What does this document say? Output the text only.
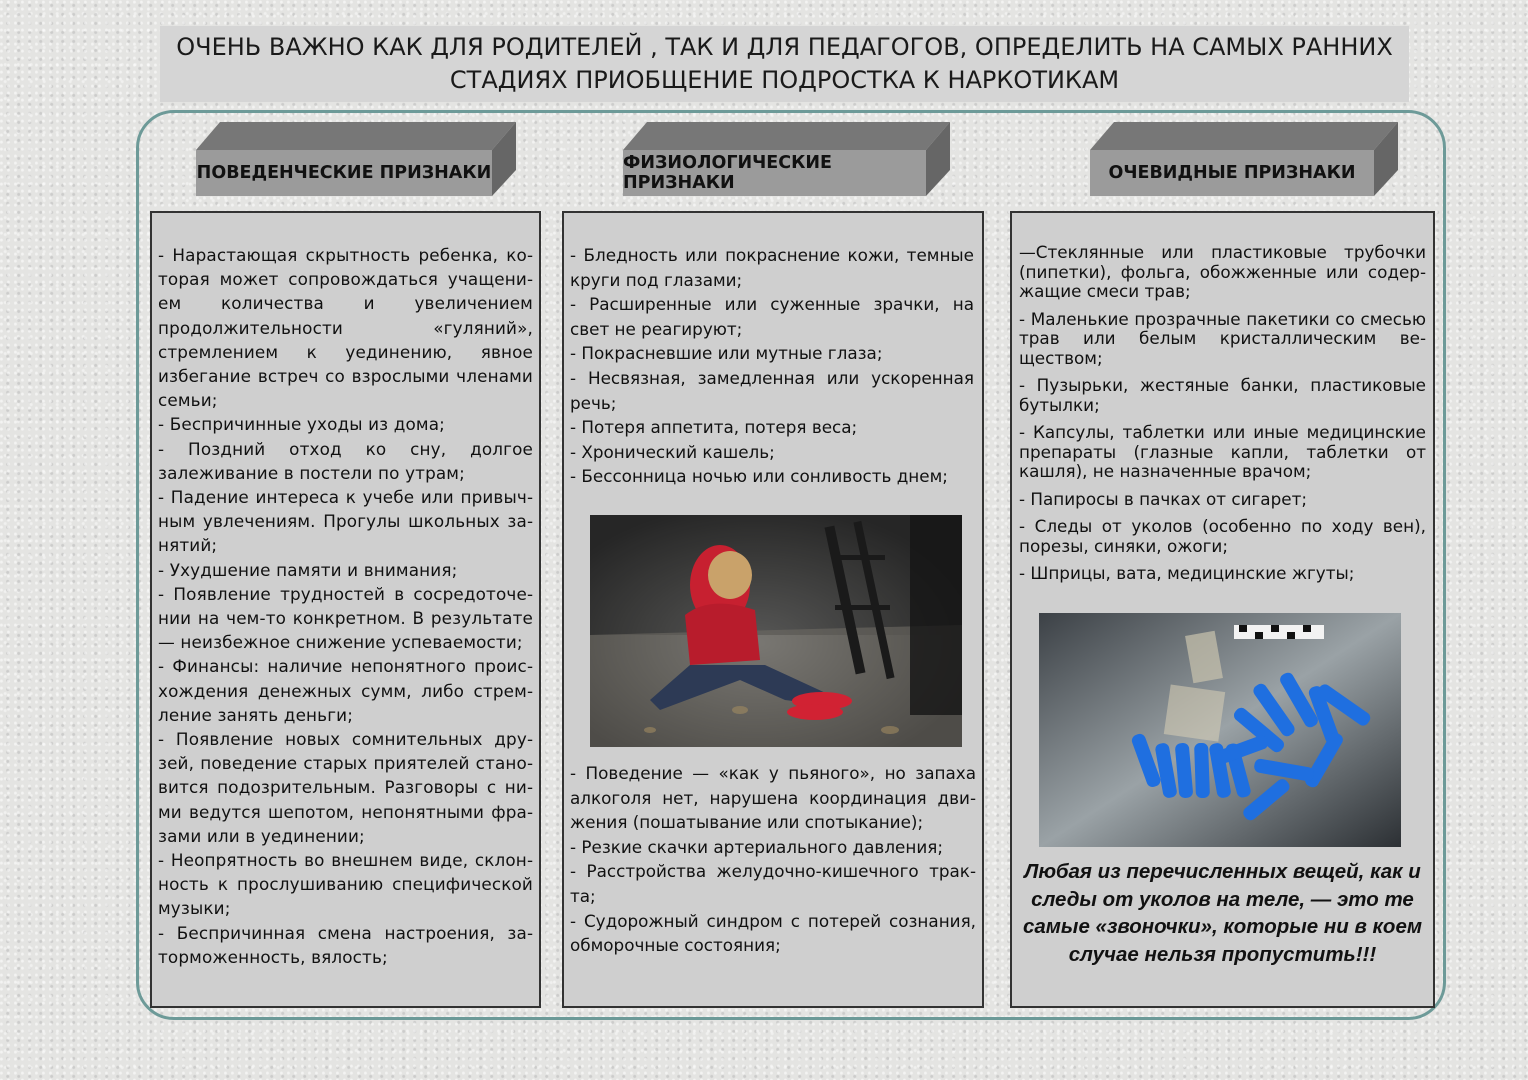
ОЧЕНЬ ВАЖНО КАК ДЛЯ РОДИТЕЛЕЙ , ТАК И ДЛЯ ПЕДАГОГОВ, ОПРЕДЕЛИТЬ НА САМЫХ РАННИХ
СТАДИЯХ ПРИОБЩЕНИЕ ПОДРОСТКА К НАРКОТИКАМ
ПОВЕДЕНЧЕСКИЕ ПРИЗНАКИ	ФИЗИОЛОГИЧЕСКИЕ ПРИЗНАКИ	ОЧЕВИДНЫЕ ПРИЗНАКИ

- Нарастающая скрытность ребенка, которая может сопровождаться учащением количества и увеличением продолжительности «гуляний», стремлением к уединению, явное избегание встреч со взрослыми членами семьи;

- Беспричинные уходы из дома;

- Поздний отход ко сну, долгое залеживание в постели по утрам;

- Падение интереса к учебе или привычным увлечениям. Прогулы школьных занятий;

- Ухудшение памяти и внимания;

- Появление трудностей в сосредоточении на чем-то конкретном. В результате — неизбежное снижение успеваемости;

- Финансы: наличие непонятного происхождения денежных сумм, либо стремление занять деньги;

- Появление новых сомнительных друзей, поведение старых приятелей становится подозрительным. Разговоры с ними ведутся шепотом, непонятными фразами или в уединении;

- Неопрятность во внешнем виде, склонность к прослушиванию специфической музыки;

- Беспричинная смена настроения, заторможенность, вялость;

- Бледность или покраснение кожи, темные круги под глазами;

- Расширенные или суженные зрачки, на свет не реагируют;

- Покрасневшие или мутные глаза;

- Несвязная, замедленная или ускоренная речь;

- Потеря аппетита, потеря веса;

- Хронический кашель;

- Бессонница ночью или сонливость днем;

- Поведение — «как у пьяного», но запаха алкоголя нет, нарушена координация движения (пошатывание или спотыкание);

- Резкие скачки артериального давления;

- Расстройства желудочно-кишечного тракта;

- Судорожный синдром с потерей сознания, обморочные состояния;

—Стеклянные или пластиковые трубочки (пипетки), фольга, обожженные или содержащие смеси трав;

- Маленькие прозрачные пакетики со смесью трав или белым кристаллическим веществом;

- Пузырьки, жестяные банки, пластиковые бутылки;

- Капсулы, таблетки или иные медицинские препараты (глазные капли, таблетки от кашля), не назначенные врачом;

- Папиросы в пачках от сигарет;

- Следы от уколов (особенно по ходу вен), порезы, синяки, ожоги;

- Шприцы, вата, медицинские жгуты;

Любая из перечисленных вещей, как и следы от уколов на теле, — это те самые «звоночки», которые ни в коем случае нельзя пропустить!!!
